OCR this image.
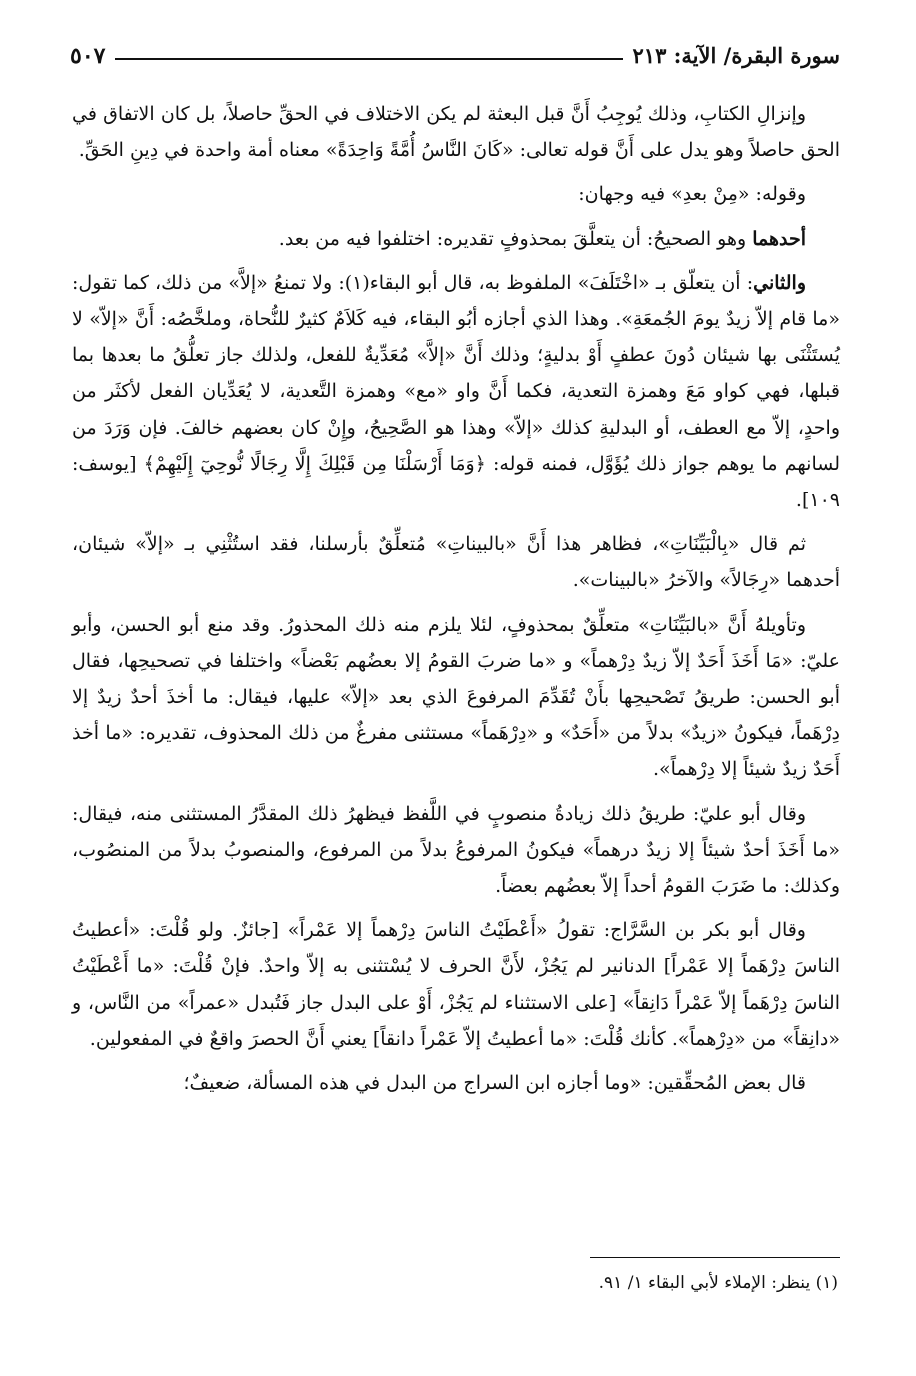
٥٠٧	سورة البقرة/ الآية: ٢١٣

وإنزالِ الكتابِ، وذلك يُوجِبُ أَنَّ قبل البعثة لم يكن الاختلاف في الحقِّ حاصلاً، بل كان الاتفاق في الحق حاصلاً وهو يدل على أَنَّ قوله تعالى: «كَانَ النَّاسُ أُمَّةً وَاحِدَةً» معناه أمة واحدة في دِينِ الحَقِّ.

وقوله: «مِنْ بعدِ» فيه وجهان:

أحدهما وهو الصحيحُ: أن يتعلَّقَ بمحذوفٍ تقديره: اختلفوا فيه من بعد.

والثاني: أن يتعلّق بـ «اخْتَلَفَ» الملفوظ به، قال أبو البقاء(١): ولا تمنعُ «إلاَّ» من ذلك، كما تقول: «ما قام إلاّ زيدٌ يومَ الجُمعَةِ». وهذا الذي أجازه أبُو البقاء، فيه كَلاَمٌ كثيرٌ للنُّحاة، وملخَّصُه: أَنَّ «إلاّ» لا يُستَثْنَى بها شيئان دُونَ عطفٍ أَوْ بدليةٍ؛ وذلك أَنَّ «إلاَّ» مُعَدِّيةٌ للفعل، ولذلك جاز تعلُّقُ ما بعدها بما قبلها، فهي كواو مَعَ وهمزة التعدية، فكما أَنَّ واو «مع» وهمزة التَّعدية، لا يُعَدِّيان الفعل لأكثَر من واحدٍ، إلاّ مع العطف، أو البدليةِ كذلك «إلاّ» وهذا هو الصَّحِيحُ، وإِنْ كان بعضهم خالفَ. فإن وَرَدَ من لسانهم ما يوهم جواز ذلك يُؤَوَّل، فمنه قوله: ﴿وَمَا أَرْسَلْنَا مِن قَبْلِكَ إِلَّا رِجَالًا نُّوحِيٓ إِلَيْهِمْ﴾ [يوسف: ١٠٩].

ثم قال «بِالْبَيِّنَاتِ»، فظاهر هذا أَنَّ «بالبيناتِ» مُتعلِّقٌ بأرسلنا، فقد استُثْنِي بـ «إلاّ» شيئان، أحدهما «رِجَالاً» والآخرُ «بالبينات».

وتأويلهُ أَنَّ «بالبَيِّنَاتِ» متعلِّقٌ بمحذوفٍ، لئلا يلزم منه ذلك المحذورُ. وقد منع أبو الحسن، وأبو عليّ: «مَا أَخَذَ أَحَدٌ إلاّ زيدٌ دِرْهماً» و «ما ضربَ القومُ إلا بعضُهم بَعْضاً» واختلفا في تصحيحِها، فقال أبو الحسن: طريقُ تَصْحيحِها بأَنْ تُقَدِّمَ المرفوعَ الذي بعد «إلاّ» عليها، فيقال: ما أخذَ أحدٌ زيدٌ إلا دِرْهَماً، فيكونُ «زيدٌ» بدلاً من «أَحَدٌ» و «دِرْهَماً» مستثنى مفرغٌ من ذلك المحذوف، تقديره: «ما أخذ أَحَدٌ زيدٌ شيئاً إلا دِرْهماً».

وقال أبو عليّ: طريقُ ذلك زيادةُ منصوبٍ في اللَّفظ فيظهرُ ذلك المقدَّرُ المستثنى منه، فيقال: «ما أَخَذَ أحدٌ شيئاً إلا زيدٌ درهماً» فيكونُ المرفوعُ بدلاً من المرفوع، والمنصوبُ بدلاً من المنصُوب، وكذلك: ما ضَرَبَ القومُ أحداً إلاّ بعضُهم بعضاً.

وقال أبو بكر بن السَّرَّاج: تقولُ «أَعْطَيْتُ الناسَ دِرْهماً إلا عَمْراً» [جائزٌ. ولو قُلْتَ: «أعطيتُ الناسَ دِرْهَماً إلا عَمْراً] الدنانير لم يَجُزْ، لأَنَّ الحرف لا يُسْتثنى به إلاّ واحدٌ. فإنْ قُلْتَ: «ما أَعْطَيْتُ الناسَ دِرْهَماً إلاّ عَمْراً دَانِقاً» [على الاستثناء لم يَجُزْ، أَوْ على البدل جاز فَتُبدل «عمراً» من النَّاس، و «دانِقاً» من «دِرْهماً». كأنك قُلْتَ: «ما أعطيتُ إلاّ عَمْراً دانقاً] يعني أَنَّ الحصرَ واقعٌ في المفعولين.

قال بعض المُحقِّقين: «وما أجازه ابن السراج من البدل في هذه المسألة، ضعيفٌ؛

(١) ينظر: الإملاء لأبي البقاء ١/ ٩١.
